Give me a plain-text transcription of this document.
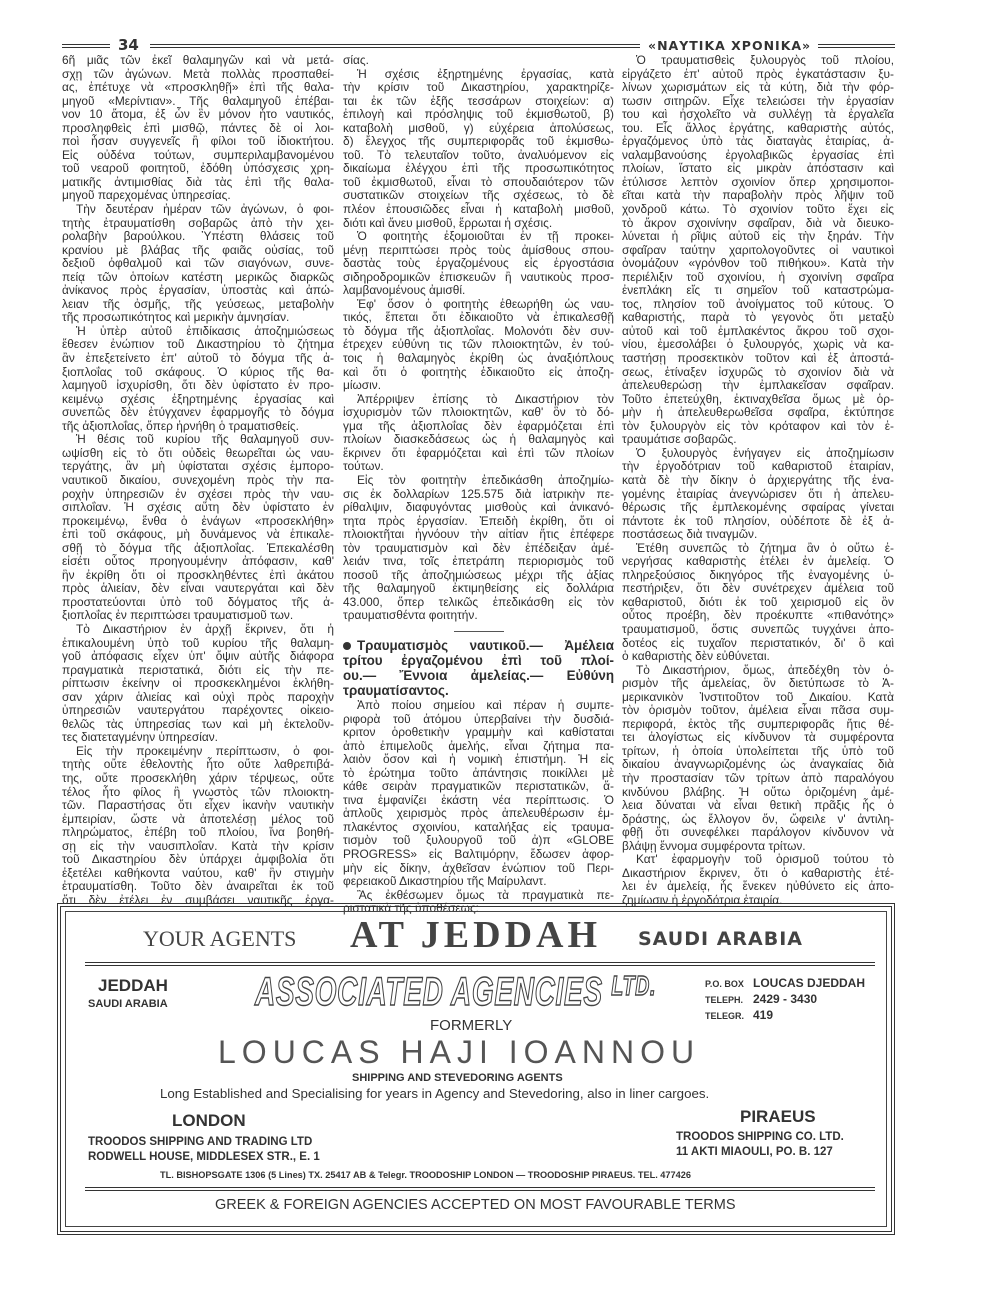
34	«ΝΑΥΤΙΚΑ ΧΡΟΝΙΚΑ»
6ῆ μιᾶς τῶν ἐκεῖ θαλαμηγῶν καὶ νὰ μετά-
σχῃ τῶν ἀγώνων. Μετὰ πολλὰς προσπαθεί-
ας, ἐπέτυχε νὰ «προσκληθῇ» ἐπὶ τῆς θαλα-
μηγοῦ «Μερίντιαν». Τῆς θαλαμηγοῦ ἐπέβαι-
νον 10 ἄτομα, ἐξ ὧν ἓν μόνον ἦτο ναυτικός,
προσληφθεὶς ἐπὶ μισθῷ, πάντες δὲ οἱ λοι-
ποὶ ἦσαν συγγενεῖς ἢ φίλοι τοῦ ἰδιοκτήτου.
Εἰς οὐδένα τούτων, συμπεριλαμβανομένου
τοῦ νεαροῦ φοιτητοῦ, ἐδόθη ὑπόσχεσις χρη-
ματικῆς ἀντιμισθίας διὰ τὰς ἐπὶ τῆς θαλα-
μηγοῦ παρεχομένας ὑπηρεσίας.
Τὴν δευτέραν ἡμέραν τῶν ἀγώνων, ὁ φοι-
τητὴς ἐτραυματίσθη σοβαρῶς ἀπὸ τὴν χει-
ρολαβὴν βαρούλκου. Ὑπέστη θλάσεις τοῦ
κρανίου μὲ βλάβας τῆς φαιᾶς οὐσίας, τοῦ
δεξιοῦ ὀφθαλμοῦ καὶ τῶν σιαγόνων, συνε-
πείᾳ τῶν ὁποίων κατέστη μερικῶς διαρκῶς
ἀνίκανος πρὸς ἐργασίαν, ὑποστὰς καὶ ἀπώ-
λειαν τῆς ὀσμῆς, τῆς γεύσεως, μεταβολὴν
τῆς προσωπικότητος καὶ μερικὴν ἀμνησίαν.
Ἡ ὑπὲρ αὐτοῦ ἐπιδίκασις ἀποζημιώσεως
ἔθεσεν ἐνώπιον τοῦ Δικαστηρίου τὸ ζήτημα
ἂν ἐπεξετείνετο ἐπ' αὐτοῦ τὸ δόγμα τῆς ἀ-
ξιοπλοΐας τοῦ σκάφους. Ὁ κύριος τῆς θα-
λαμηγοῦ ἰσχυρίσθη, ὅτι δὲν ὑφίστατο ἐν προ-
κειμένῳ σχέσις ἐξηρτημένης ἐργασίας καὶ
συνεπῶς δὲν ἐτύγχανεν ἐφαρμογῆς τὸ δόγμα
τῆς ἀξιοπλοΐας, ὅπερ ἠρνήθη ὁ τραματισθείς.
Ἡ θέσις τοῦ κυρίου τῆς θαλαμηγοῦ συν-
ωψίσθη εἰς τὸ ὅτι οὐδεὶς θεωρεῖται ὡς ναυ-
τεργάτης, ἂν μὴ ὑφίσταται σχέσις ἐμπορο-
ναυτικοῦ δικαίου, συνεχομένη πρὸς τὴν πα-
ροχὴν ὑπηρεσιῶν ἐν σχέσει πρὸς τὴν ναυ-
σιπλοΐαν. Ἡ σχέσις αὕτη δὲν ὑφίστατο ἐν
προκειμένῳ, ἔνθα ὁ ἐνάγων «προσεκλήθη»
ἐπὶ τοῦ σκάφους, μὴ δυνάμενος νὰ ἐπικαλε-
σθῇ τὸ δόγμα τῆς ἀξιοπλοΐας. Ἐπεκαλέσθη
εἰσέτι οὗτος προηγουμένην ἀπόφασιν, καθ'
ἣν ἐκρίθη ὅτι οἱ προσκληθέντες ἐπὶ ἀκάτου
πρὸς ἁλιείαν, δὲν εἶναι ναυτεργάται καὶ δὲν
προστατεύονται ὑπὸ τοῦ δόγματος τῆς ἀ-
ξιοπλοΐας ἐν περιπτώσει τραυματισμοῦ των.
Τὸ Δικαστήριον ἐν ἀρχῇ ἔκρινεν, ὅτι ἡ
ἐπικαλουμένη ὑπὸ τοῦ κυρίου τῆς θαλαμη-
γοῦ ἀπόφασις εἶχεν ὑπ' ὄψιν αὐτῆς διάφορα
πραγματικὰ περιστατικά, διότι εἰς τὴν πε-
ρίπτωσιν ἐκείνην οἱ προσκεκλημένοι ἐκλήθη-
σαν χάριν ἁλιείας καὶ οὐχὶ πρὸς παροχὴν
ὑπηρεσιῶν ναυτεργάτου παρέχοντες οἰκειο-
θελῶς τὰς ὑπηρεσίας των καὶ μὴ ἐκτελοῦν-
τες διατεταγμένην ὑπηρεσίαν.
Εἰς τὴν προκειμένην περίπτωσιν, ὁ φοι-
τητὴς οὔτε ἐθελοντὴς ἦτο οὔτε λαθρεπιβά-
της, οὔτε προσεκλήθη χάριν τέρψεως, οὔτε
τέλος ἦτο φίλος ἢ γνωστὸς τῶν πλοιοκτη-
τῶν. Παραστήσας ὅτι εἶχεν ἱκανὴν ναυτικὴν
ἐμπειρίαν, ὥστε νὰ ἀποτελέσῃ μέλος τοῦ
πληρώματος, ἐπέβη τοῦ πλοίου, ἵνα βοηθή-
σῃ εἰς τὴν ναυσιπλοΐαν. Κατὰ τὴν κρίσιν
τοῦ Δικαστηρίου δὲν ὑπάρχει ἀμφιβολία ὅτι
ἐξετέλει καθήκοντα ναύτου, καθ' ἣν στιγμὴν
ἐτραυματίσθη. Τοῦτο δὲν ἀναιρεῖται ἐκ τοῦ
ὅτι δὲν ἐτέλει ἐν συμβάσει ναυτικῆς ἐργα-
σίας.
Ἡ σχέσις ἐξηρτημένης ἐργασίας, κατὰ
τὴν κρίσιν τοῦ Δικαστηρίου, χαρακτηρίζε-
ται ἐκ τῶν ἑξῆς τεσσάρων στοιχείων: α)
ἐπιλογὴ καὶ πρόσληψις τοῦ ἐκμισθωτοῦ, β)
καταβολὴ μισθοῦ, γ) εὐχέρεια ἀπολύσεως,
δ) ἔλεγχος τῆς συμπεριφορᾶς τοῦ ἐκμισθω-
τοῦ. Τὸ τελευταῖον τοῦτο, ἀναλυόμενον εἰς
δικαίωμα ἐλέγχου ἐπὶ τῆς προσωπικότητος
τοῦ ἐκμισθωτοῦ, εἶναι τὸ σπουδαιότερον τῶν
συστατικῶν στοιχείων τῆς σχέσεως, τὸ δὲ
πλέον ἐπουσιῶδες εἶναι ἡ καταβολὴ μισθοῦ,
διότι καὶ ἄνευ μισθοῦ, ἔρρωται ἡ σχέσις.
Ὁ φοιτητὴς ἐξομοιοῦται ἐν τῇ προκει-
μένῃ περιπτώσει πρὸς τοὺς ἀμίσθους σπου-
δαστὰς τοὺς ἐργαζομένους εἰς ἐργοστάσια
σιδηροδρομικῶν ἐπισκευῶν ἢ ναυτικοὺς προσ-
λαμβανομένους ἀμισθί.
Ἐφ' ὅσον ὁ φοιτητὴς ἐθεωρήθη ὡς ναυ-
τικός, ἕπεται ὅτι ἐδικαιοῦτο νὰ ἐπικαλεσθῇ
τὸ δόγμα τῆς ἀξιοπλοΐας. Μολονότι δὲν συν-
έτρεχεν εὐθύνη τις τῶν πλοιοκτητῶν, ἐν τού-
τοις ἡ θαλαμηγὸς ἐκρίθη ὡς ἀναξιόπλους
καὶ ὅτι ὁ φοιτητὴς ἐδικαιοῦτο εἰς ἀποζη-
μίωσιν.
Ἀπέρριψεν ἐπίσης τὸ Δικαστήριον τὸν
ἰσχυρισμὸν τῶν πλοιοκτητῶν, καθ' ὃν τὸ δό-
γμα τῆς ἀξιοπλοΐας δὲν ἐφαρμόζεται ἐπὶ
πλοίων διασκεδάσεως ὡς ἡ θαλαμηγὸς καὶ
ἔκρινεν ὅτι ἐφαρμόζεται καὶ ἐπὶ τῶν πλοίων
τούτων.
Εἰς τὸν φοιτητὴν ἐπεδικάσθη ἀποζημίω-
σις ἐκ δολλαρίων 125.575 διὰ ἰατρικὴν πε-
ρίθαλψιν, διαφυγόντας μισθοὺς καὶ ἀνικανό-
τητα πρὸς ἐργασίαν. Ἐπειδὴ ἐκρίθη, ὅτι οἱ
πλοιοκτῆται ἠγνόουν τὴν αἰτίαν ἥτις ἐπέφερε
τὸν τραυματισμὸν καὶ δὲν ἐπέδειξαν ἀμέ-
λειάν τινα, τοῖς ἐπετράπη περιορισμὸς τοῦ
ποσοῦ τῆς ἀποζημιώσεως μέχρι τῆς ἀξίας
τῆς θαλαμηγοῦ ἐκτιμηθείσης εἰς δολλάρια
43.000, ὅπερ τελικῶς ἐπεδικάσθη εἰς τὸν
τραυματισθέντα φοιτητήν.
Τραυματισμὸς ναυτικοῦ.— Ἀμέλεια
τρίτου ἐργαζομένου ἐπὶ τοῦ πλοί-
ου.— Ἔννοια ἀμελείας.— Εὐθύνη
τραυματίσαντος.
Ἀπὸ ποίου σημείου καὶ πέραν ἡ συμπε-
ριφορὰ τοῦ ἀτόμου ὑπερβαίνει τὴν δυσδιά-
κριτον ὁροθετικὴν γραμμὴν καὶ καθίσταται
ἀπὸ ἐπιμελοῦς ἀμελής, εἶναι ζήτημα πα-
λαιὸν ὅσον καὶ ἡ νομικὴ ἐπιστήμη. Ἡ εἰς
τὸ ἐρώτημα τοῦτο ἀπάντησις ποικίλλει μὲ
κάθε σειρὰν πραγματικῶν περιστατικῶν, ἅ-
τινα ἐμφανίζει ἑκάστη νέα περίπτωσις. Ὁ
ἁπλοῦς χειρισμὸς πρὸς ἀπελευθέρωσιν ἐμ-
πλακέντος σχοινίου, καταλήξας εἰς τραυμα-
τισμὸν τοῦ ξυλουργοῦ τοῦ ἀ)π «GLOBE
PROGRESS» εἰς Βαλτιμόρην, ἔδωσεν ἀφορ-
μὴν εἰς δίκην, ἀχθεῖσαν ἐνώπιον τοῦ Περι-
φερειακοῦ Δικαστηρίου τῆς Μαίρυλαντ.
Ἂς ἐκθέσωμεν ὅμως τὰ πραγματικὰ πε-
ριστατικὰ τῆς ὑποθέσεως:
Ὁ τραυματισθεὶς ξυλουργὸς τοῦ πλοίου,
εἰργάζετο ἐπ' αὐτοῦ πρὸς ἐγκατάστασιν ξυ-
λίνων χωρισμάτων εἰς τὰ κύτη, διὰ τὴν φόρ-
τωσιν σιτηρῶν. Εἶχε τελειώσει τὴν ἐργασίαν
του καὶ ἠσχολεῖτο νὰ συλλέγῃ τὰ ἐργαλεῖα
του. Εἷς ἄλλος ἐργάτης, καθαριστὴς αὐτός,
ἐργαζόμενος ὑπὸ τὰς διαταγὰς ἑταιρίας, ἀ-
ναλαμβανούσης ἐργολαβικῶς ἐργασίας ἐπὶ
πλοίων, ἵστατο εἰς μικρὰν ἀπόστασιν καὶ
ἐτύλισσε λεπτὸν σχοινίον ὅπερ χρησιμοποι-
εῖται κατὰ τὴν παραβολὴν πρὸς λῆψιν τοῦ
χονδροῦ κάτω. Τὸ σχοινίον τοῦτο ἔχει εἰς
τὸ ἄκρον σχοινίνην σφαῖραν, διὰ νὰ διευκο-
λύνεται ἡ ρῖψις αὐτοῦ εἰς τὴν ξηράν. Τὴν
σφαῖραν ταύτην χαριτολογοῦντες οἱ ναυτικοὶ
ὀνομάζουν «γρόνθον τοῦ πιθήκου». Κατὰ τὴν
περιέλιξιν τοῦ σχοινίου, ἡ σχοινίνη σφαῖρα
ἐνεπλάκη εἴς τι σημεῖον τοῦ καταστρώμα-
τος, πλησίον τοῦ ἀνοίγματος τοῦ κύτους. Ὁ
καθαριστής, παρὰ τὸ γεγονὸς ὅτι μεταξὺ
αὐτοῦ καὶ τοῦ ἐμπλακέντος ἄκρου τοῦ σχοι-
νίου, ἐμεσολάβει ὁ ξυλουργός, χωρὶς νὰ κα-
ταστήσῃ προσεκτικὸν τοῦτον καὶ ἐξ ἀποστά-
σεως, ἐτίναξεν ἰσχυρῶς τὸ σχοινίον διὰ νὰ
ἀπελευθερώσῃ τὴν ἐμπλακεῖσαν σφαῖραν.
Τοῦτο ἐπετεύχθη, ἐκτιναχθεῖσα ὅμως μὲ ὁρ-
μὴν ἡ ἀπελευθερωθεῖσα σφαῖρα, ἐκτύπησε
τὸν ξυλουργὸν εἰς τὸν κρόταφον καὶ τὸν ἐ-
τραυμάτισε σοβαρῶς.
Ὁ ξυλουργὸς ἐνήγαγεν εἰς ἀποζημίωσιν
τὴν ἐργοδότριαν τοῦ καθαριστοῦ ἑταιρίαν,
κατὰ δὲ τὴν δίκην ὁ ἀρχιεργάτης τῆς ἐνα-
γομένης ἑταιρίας ἀνεγνώρισεν ὅτι ἡ ἀπελευ-
θέρωσις τῆς ἐμπλεκομένης σφαίρας γίνεται
πάντοτε ἐκ τοῦ πλησίον, οὐδέποτε δὲ ἐξ ἀ-
ποστάσεως διὰ τιναγμῶν.
Ἐτέθη συνεπῶς τὸ ζήτημα ἂν ὁ οὕτω ἐ-
νεργήσας καθαριστὴς ἐτέλει ἐν ἀμελείᾳ. Ὁ
πληρεξούσιος δικηγόρος τῆς ἐναγομένης ὑ-
πεστήριξεν, ὅτι δὲν συνέτρεχεν ἀμέλεια τοῦ
καθαριστοῦ, διότι ἐκ τοῦ χειρισμοῦ εἰς ὃν
οὗτος προέβη, δὲν προέκυπτε «πιθανότης»
τραυματισμοῦ, ὅστις συνεπῶς τυγχάνει ἀπο-
δοτέος εἰς τυχαῖον περιστατικόν, δι' ὃ καὶ
ὁ καθαριστὴς δὲν εὐθύνεται.
Τὸ Δικαστήριον, ὅμως, ἀπεδέχθη τὸν ὁ-
ρισμὸν τῆς ἀμελείας, ὃν διετύπωσε τὸ Ἀ-
μερικανικὸν Ἰνστιτοῦτον τοῦ Δικαίου. Κατὰ
τὸν ὁρισμὸν τοῦτον, ἀμέλεια εἶναι πᾶσα συμ-
περιφορά, ἐκτὸς τῆς συμπεριφορᾶς ἥτις θέ-
τει ἀλογίστως εἰς κίνδυνον τὰ συμφέροντα
τρίτων, ἡ ὁποία ὑπολείπεται τῆς ὑπὸ τοῦ
δικαίου ἀναγνωριζομένης ὡς ἀναγκαίας διὰ
τὴν προστασίαν τῶν τρίτων ἀπὸ παραλόγου
κινδύνου βλάβης. Ἡ οὕτω ὁριζομένη ἀμέ-
λεια δύναται νὰ εἶναι θετικὴ πρᾶξις ἧς ὁ
δράστης, ὡς ἔλλογον ὄν, ὤφειλε ν' ἀντιλη-
φθῇ ὅτι συνεφέλκει παράλογον κίνδυνον νὰ
βλάψῃ ἔννομα συμφέροντα τρίτων.
Κατ' ἐφαρμογὴν τοῦ ὁρισμοῦ τούτου τὸ
Δικαστήριον ἔκρινεν, ὅτι ὁ καθαριστὴς ἐτέ-
λει ἐν ἀμελείᾳ, ἧς ἕνεκεν ηὐθύνετο εἰς ἀπο-
ζημίωσιν ἡ ἐργοδότρια ἑταιρία.
YOUR AGENTS AT JEDDAH SAUDI ARABIA
JEDDAH
SAUDI ARABIA ASSOCIATED AGENCIES $^{LTD.}$	P.O. BOX LOUCAS DJEDDAH
TELEPH. 2429 - 3430
TELEGR. 419
FORMERLY
LOUCAS HAJI IOANNOU
SHIPPING AND STEVEDORING AGENTS
Long Established and Specialising for years in Agency and Stevedoring, also in liner cargoes.
LONDON
TROODOS SHIPPING AND TRADING LTD
RODWELL HOUSE, MIDDLESEX STR., E. 1
PIRAEUS
TROODOS SHIPPING CO. LTD.
11 AKTI MIAOULI, PO. B. 127
TL. BISHOPSGATE 1306 (5 Lines) TX. 25417 AB & Telegr. TROODOSHIP LONDON — TROODOSHIP PIRAEUS. TEL. 477426
GREEK & FOREIGN AGENCIES ACCEPTED ON MOST FAVOURABLE TERMS
